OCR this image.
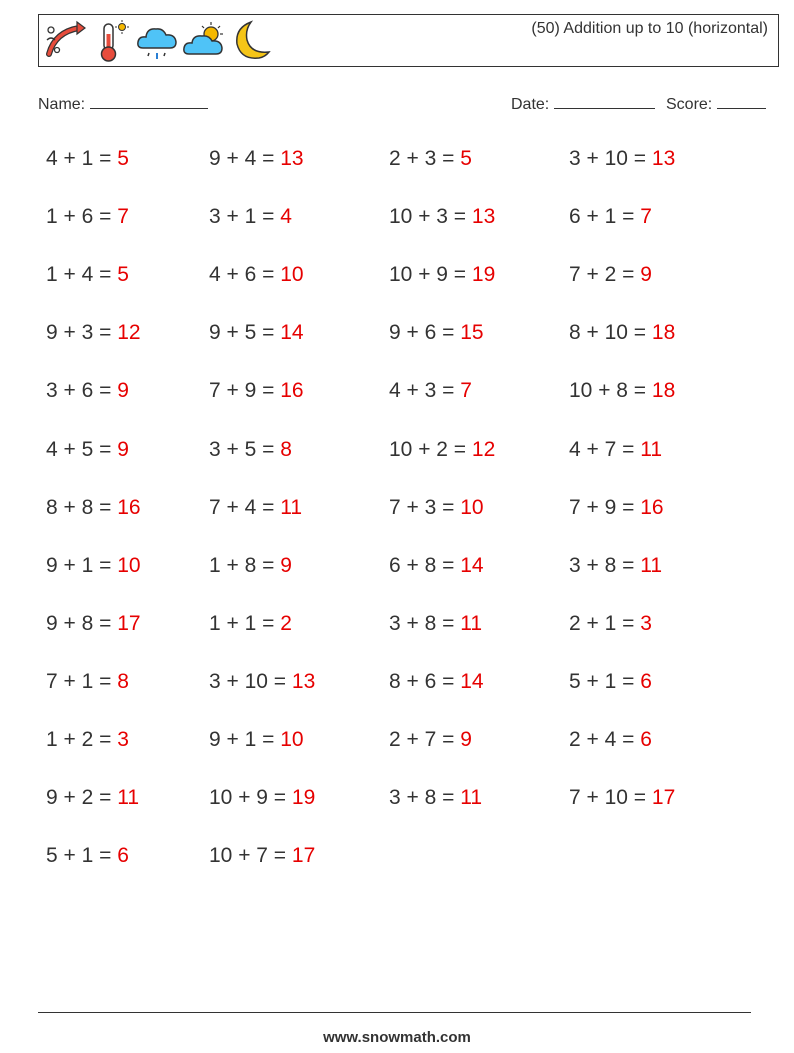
(50) Addition up to 10 (horizontal)
Name:	Date:	Score:
4 + 1 = 5
1 + 6 = 7
1 + 4 = 5
9 + 3 = 12
3 + 6 = 9
4 + 5 = 9
8 + 8 = 16
9 + 1 = 10
9 + 8 = 17
7 + 1 = 8
1 + 2 = 3
9 + 2 = 11
5 + 1 = 6
9 + 4 = 13
3 + 1 = 4
4 + 6 = 10
9 + 5 = 14
7 + 9 = 16
3 + 5 = 8
7 + 4 = 11
1 + 8 = 9
1 + 1 = 2
3 + 10 = 13
9 + 1 = 10
10 + 9 = 19
10 + 7 = 17
2 + 3 = 5
10 + 3 = 13
10 + 9 = 19
9 + 6 = 15
4 + 3 = 7
10 + 2 = 12
7 + 3 = 10
6 + 8 = 14
3 + 8 = 11
8 + 6 = 14
2 + 7 = 9
3 + 8 = 11
3 + 10 = 13
6 + 1 = 7
7 + 2 = 9
8 + 10 = 18
10 + 8 = 18
4 + 7 = 11
7 + 9 = 16
3 + 8 = 11
2 + 1 = 3
5 + 1 = 6
2 + 4 = 6
7 + 10 = 17
www.snowmath.com
